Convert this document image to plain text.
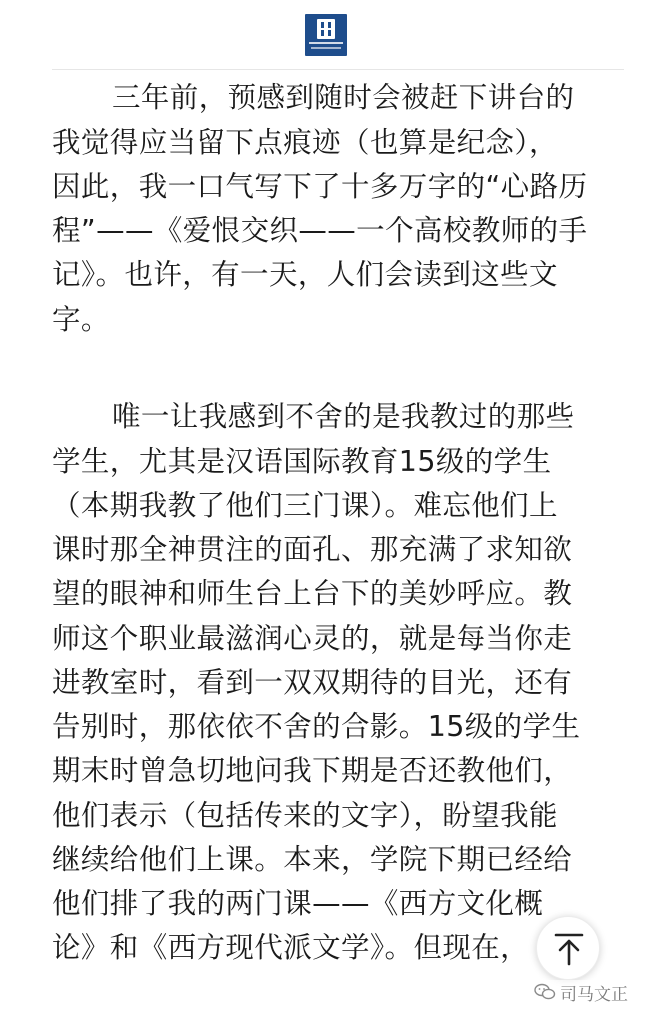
三年前，预感到随时会被赶下讲台的
我觉得应当留下点痕迹（也算是纪念），
因此，我一口气写下了十多万字的“心路历
程”——《爱恨交织——一个高校教师的手
记》。也许，有一天，人们会读到这些文
字。
唯一让我感到不舍的是我教过的那些
学生，尤其是汉语国际教育15级的学生
（本期我教了他们三门课）。难忘他们上
课时那全神贯注的面孔、那充满了求知欲
望的眼神和师生台上台下的美妙呼应。教
师这个职业最滋润心灵的，就是每当你走
进教室时，看到一双双期待的目光，还有
告别时，那依依不舍的合影。15级的学生
期末时曾急切地问我下期是否还教他们，
他们表示（包括传来的文字），盼望我能
继续给他们上课。本来，学院下期已经给
他们排了我的两门课——《西方文化概
论》和《西方现代派文学》。但现在，
司马文正
